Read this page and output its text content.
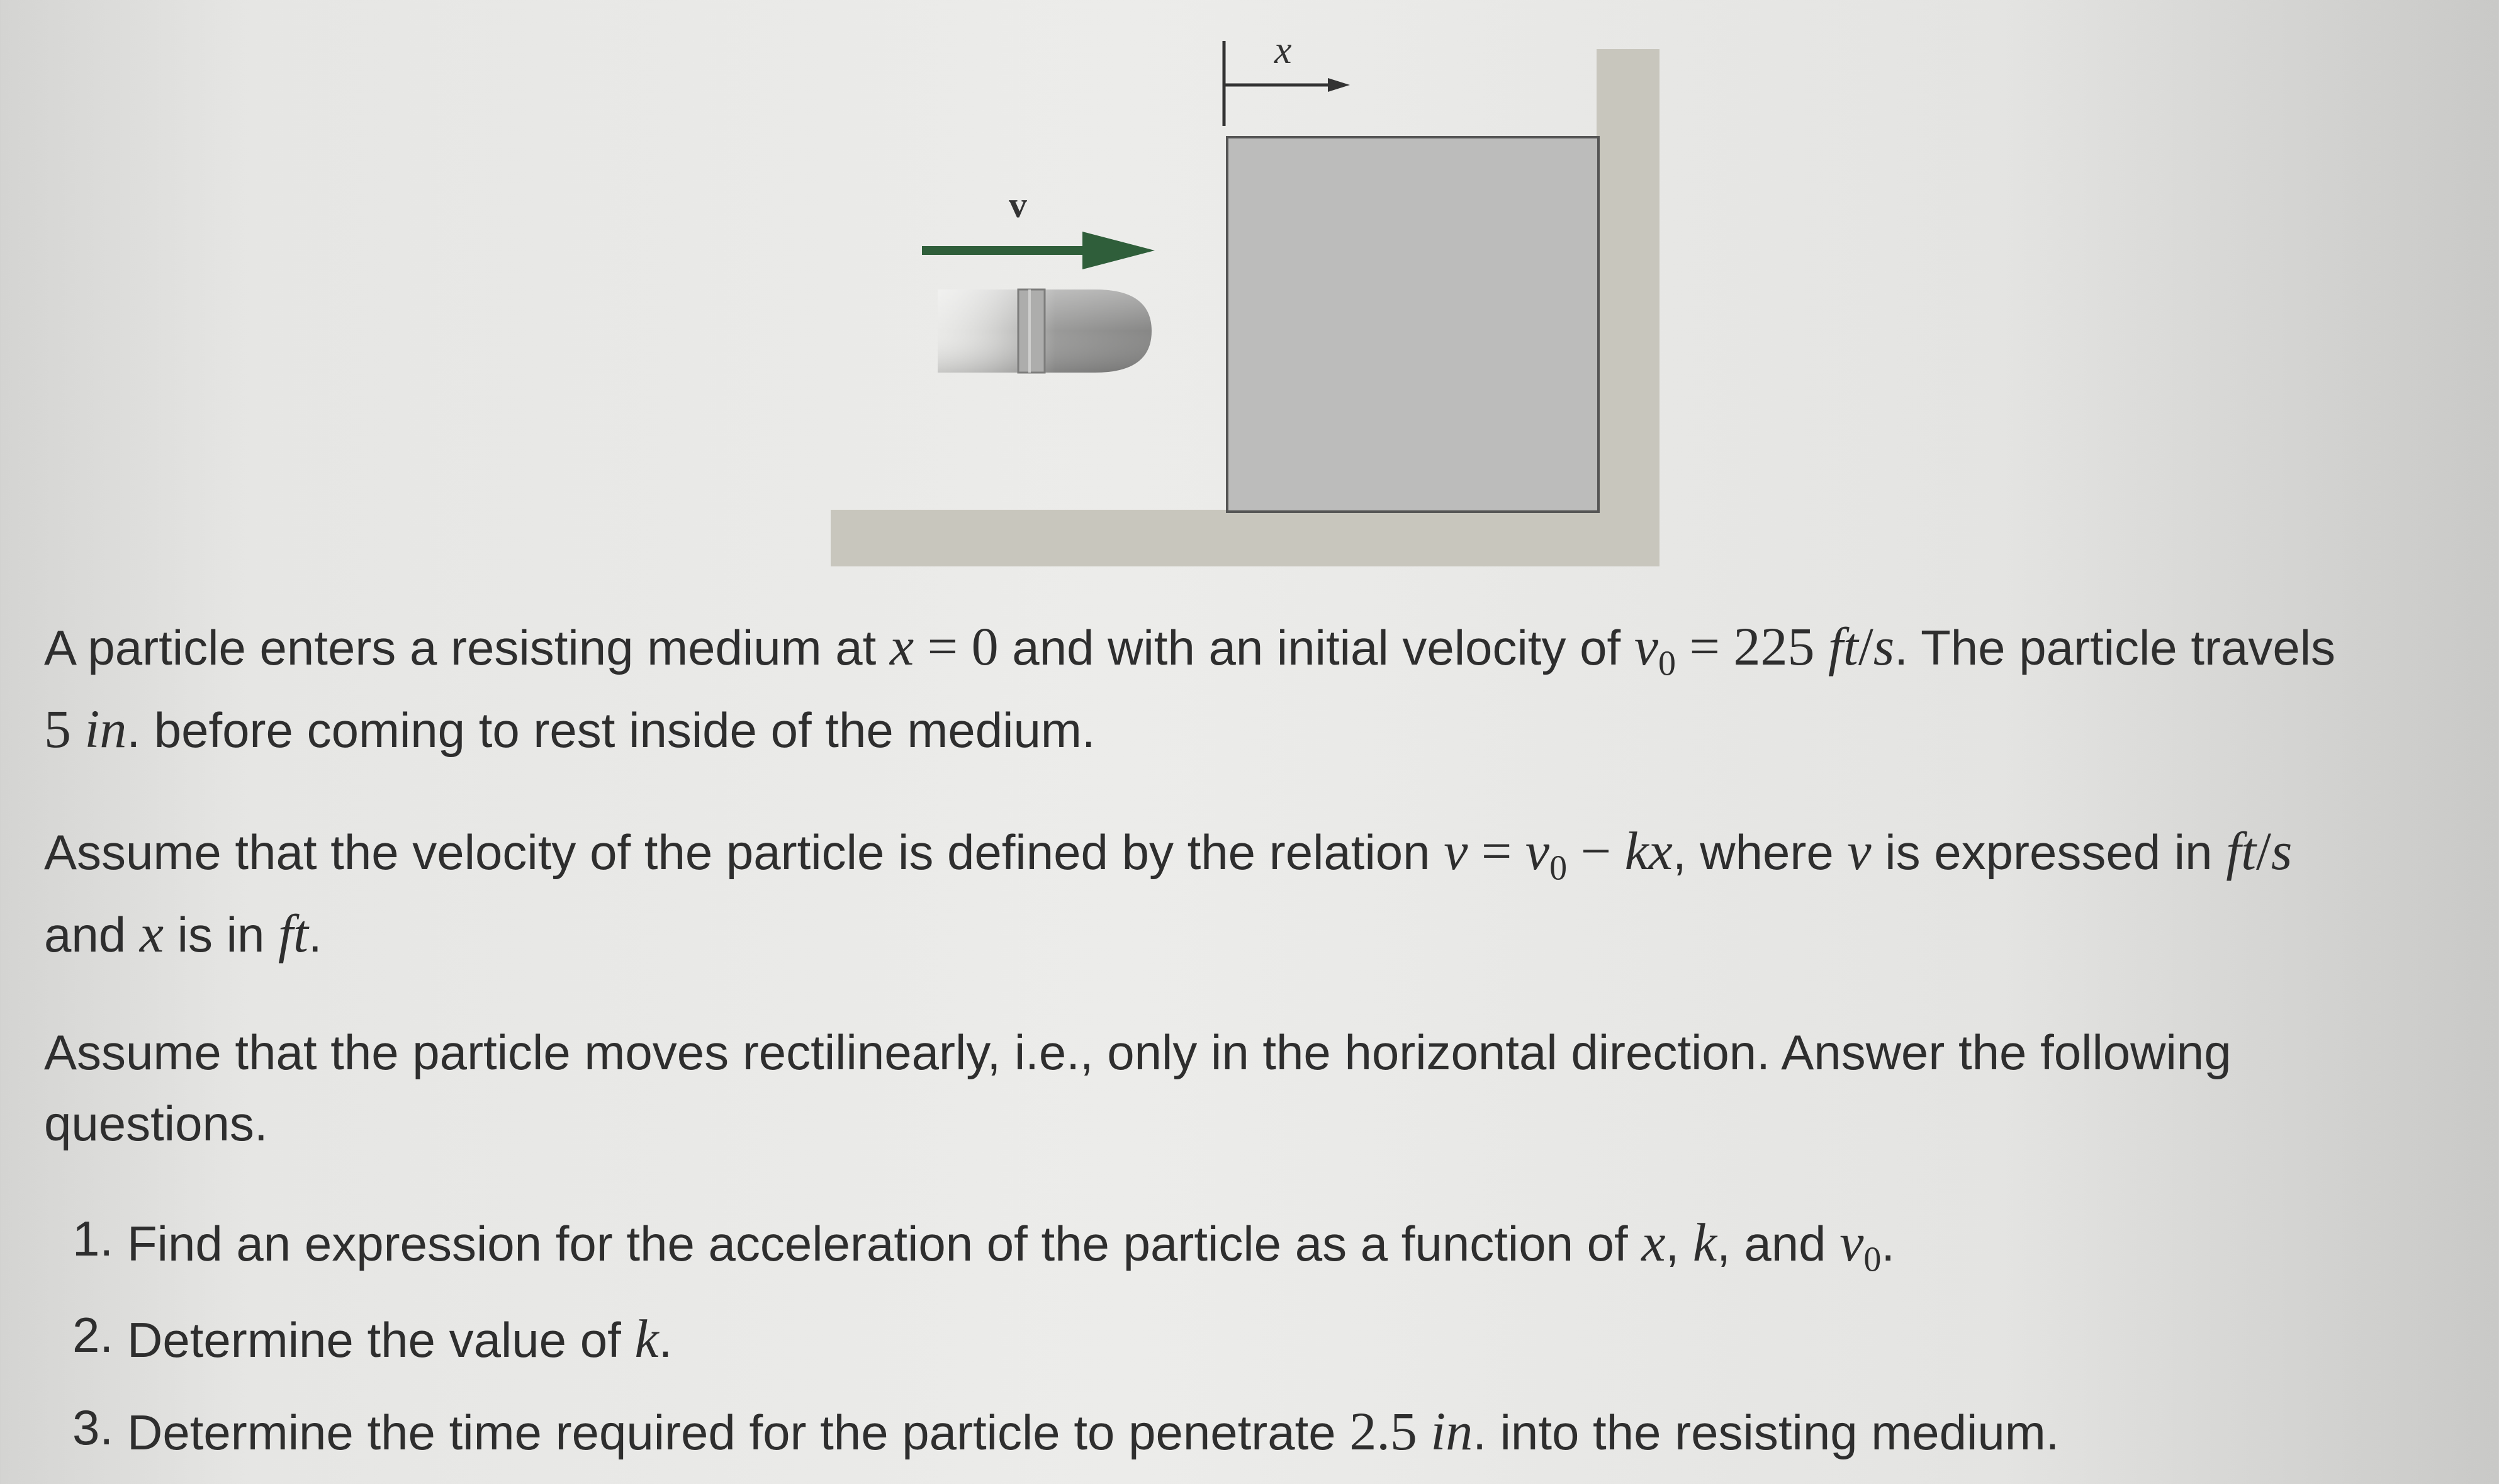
x
v

A particle enters a resisting medium at x = 0 and with an initial velocity of $v_0 = 225$ ft/s. The particle travels 5 in. before coming to rest inside of the medium.

Assume that the velocity of the particle is defined by the relation $v = v_0$ − kx, where v is expressed in ft/s and x is in ft.

Assume that the particle moves rectilinearly, i.e., only in the horizontal direction. Answer the following questions.

1. Find an expression for the acceleration of the particle as a function of x, k, and $v_0$.
2. Determine the value of k.
3. Determine the time required for the particle to penetrate 2.5 in. into the resisting medium.
